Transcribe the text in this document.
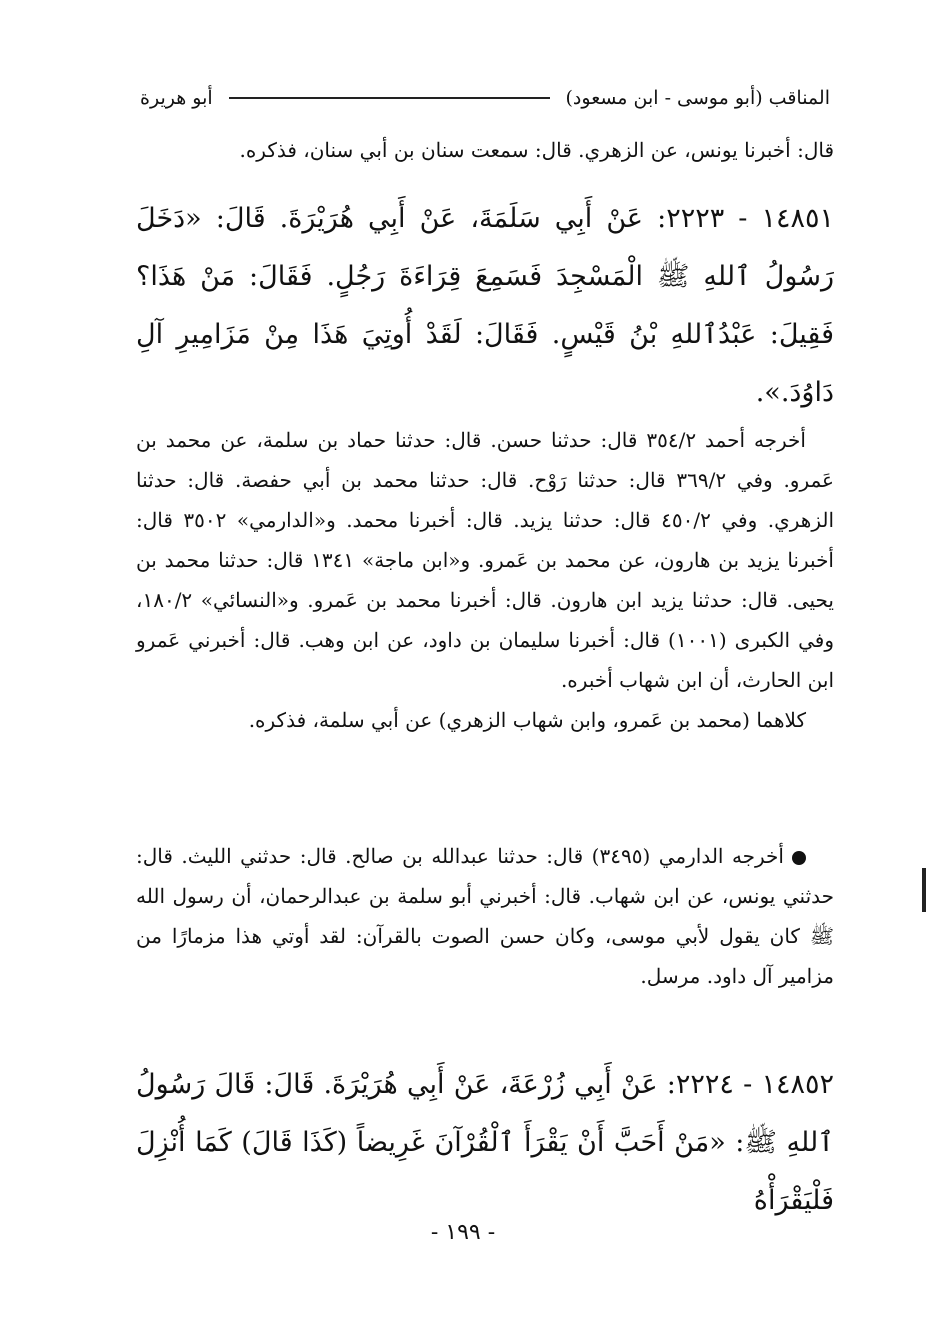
المناقب (أبو موسى - ابن مسعود)
أبو هريرة
قال: أخبرنا يونس، عن الزهري. قال: سمعت سنان بن أبي سنان، فذكره.
١٤٨٥١ - ٢٢٢٣: عَنْ أَبِي سَلَمَةَ، عَنْ أَبِي هُرَيْرَةَ. قَالَ: «دَخَلَ رَسُولُ ٱللهِ ﷺ الْمَسْجِدَ فَسَمِعَ قِرَاءَةَ رَجُلٍ. فَقَالَ: مَنْ هَذَا؟ فَقِيلَ: عَبْدُٱللهِ بْنُ قَيْسٍ. فَقَالَ: لَقَدْ أُوتِيَ هَذَا مِنْ مَزَامِيرِ آلِ دَاوُدَ.».

أخرجه أحمد ٣٥٤/٢ قال: حدثنا حسن. قال: حدثنا حماد بن سلمة، عن محمد بن عَمرو. وفي ٣٦٩/٢ قال: حدثنا رَوْح. قال: حدثنا محمد بن أبي حفصة. قال: حدثنا الزهري. وفي ٤٥٠/٢ قال: حدثنا يزيد. قال: أخبرنا محمد. و«الدارمي» ٣٥٠٢ قال: أخبرنا يزيد بن هارون، عن محمد بن عَمرو. و«ابن ماجة» ١٣٤١ قال: حدثنا محمد بن يحيى. قال: حدثنا يزيد ابن هارون. قال: أخبرنا محمد بن عَمرو. و«النسائي» ١٨٠/٢، وفي الكبرى (١٠٠١) قال: أخبرنا سليمان بن داود، عن ابن وهب. قال: أخبرني عَمرو ابن الحارث، أن ابن شهاب أخبره.

كلاهما (محمد بن عَمرو، وابن شهاب الزهري) عن أبي سلمة، فذكره.

أخرجه الدارمي (٣٤٩٥) قال: حدثنا عبدالله بن صالح. قال: حدثني الليث. قال: حدثني يونس، عن ابن شهاب. قال: أخبرني أبو سلمة بن عبدالرحمان، أن رسول الله ﷺ كان يقول لأبي موسى، وكان حسن الصوت بالقرآن: لقد أوتي هذا مزمارًا من مزامير آل داود. مرسل.

١٤٨٥٢ - ٢٢٢٤: عَنْ أَبِي زُرْعَةَ، عَنْ أَبِي هُرَيْرَةَ. قَالَ: قَالَ رَسُولُ ٱللهِ ﷺ: «مَنْ أَحَبَّ أَنْ يَقْرَأَ ٱلْقُرْآنَ غَرِيضاً (كَذَا قَالَ) كَمَا أُنْزِلَ فَلْيَقْرَأْهُ
- ١٩٩ -
